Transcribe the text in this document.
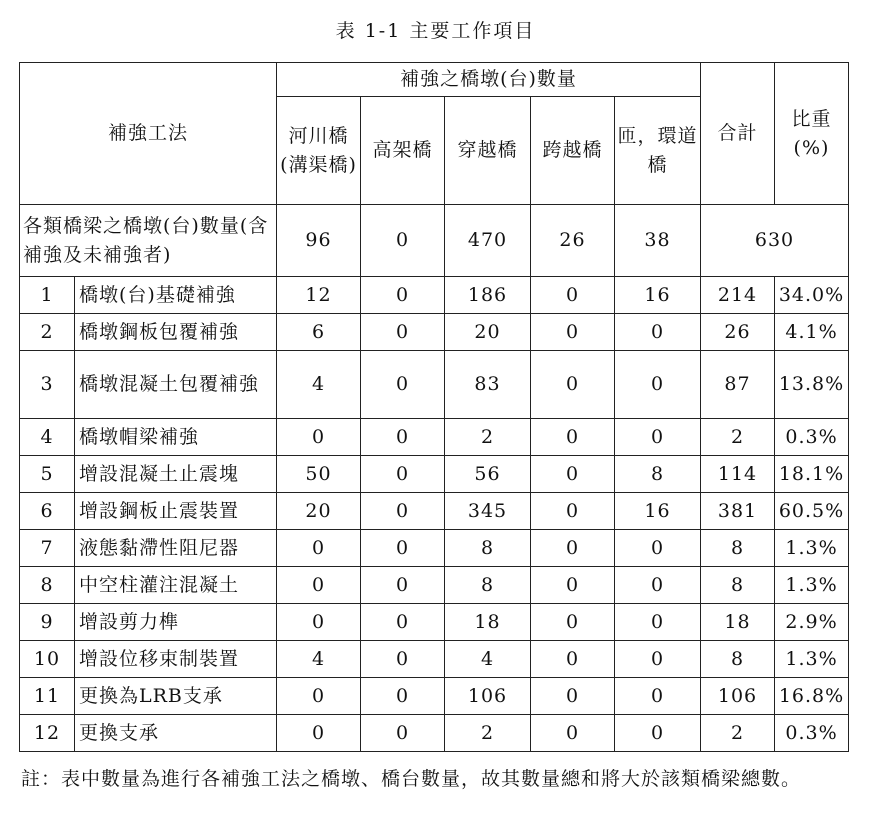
表 1-1 主要工作項目
補強工法		補強之橋墩(台)數量					合計	比重(%)
		河川橋(溝渠橋)	高架橋	穿越橋	跨越橋	匝，環道橋		
各類橋梁之橋墩(台)數量(含補強及未補強者)		96	0	470	26	38	630	
1	橋墩(台)基礎補強	12	0	186	0	16	214	34.0%
2	橋墩鋼板包覆補強	6	0	20	0	0	26	4.1%
3	橋墩混凝土包覆補強	4	0	83	0	0	87	13.8%
4	橋墩帽梁補強	0	0	2	0	0	2	0.3%
5	增設混凝土止震塊	50	0	56	0	8	114	18.1%
6	增設鋼板止震裝置	20	0	345	0	16	381	60.5%
7	液態黏滯性阻尼器	0	0	8	0	0	8	1.3%
8	中空柱灌注混凝土	0	0	8	0	0	8	1.3%
9	增設剪力榫	0	0	18	0	0	18	2.9%
10	增設位移束制裝置	4	0	4	0	0	8	1.3%
11	更換為LRB支承	0	0	106	0	0	106	16.8%
12	更換支承	0	0	2	0	0	2	0.3%
註：表中數量為進行各補強工法之橋墩、橋台數量，故其數量總和將大於該類橋梁總數。
